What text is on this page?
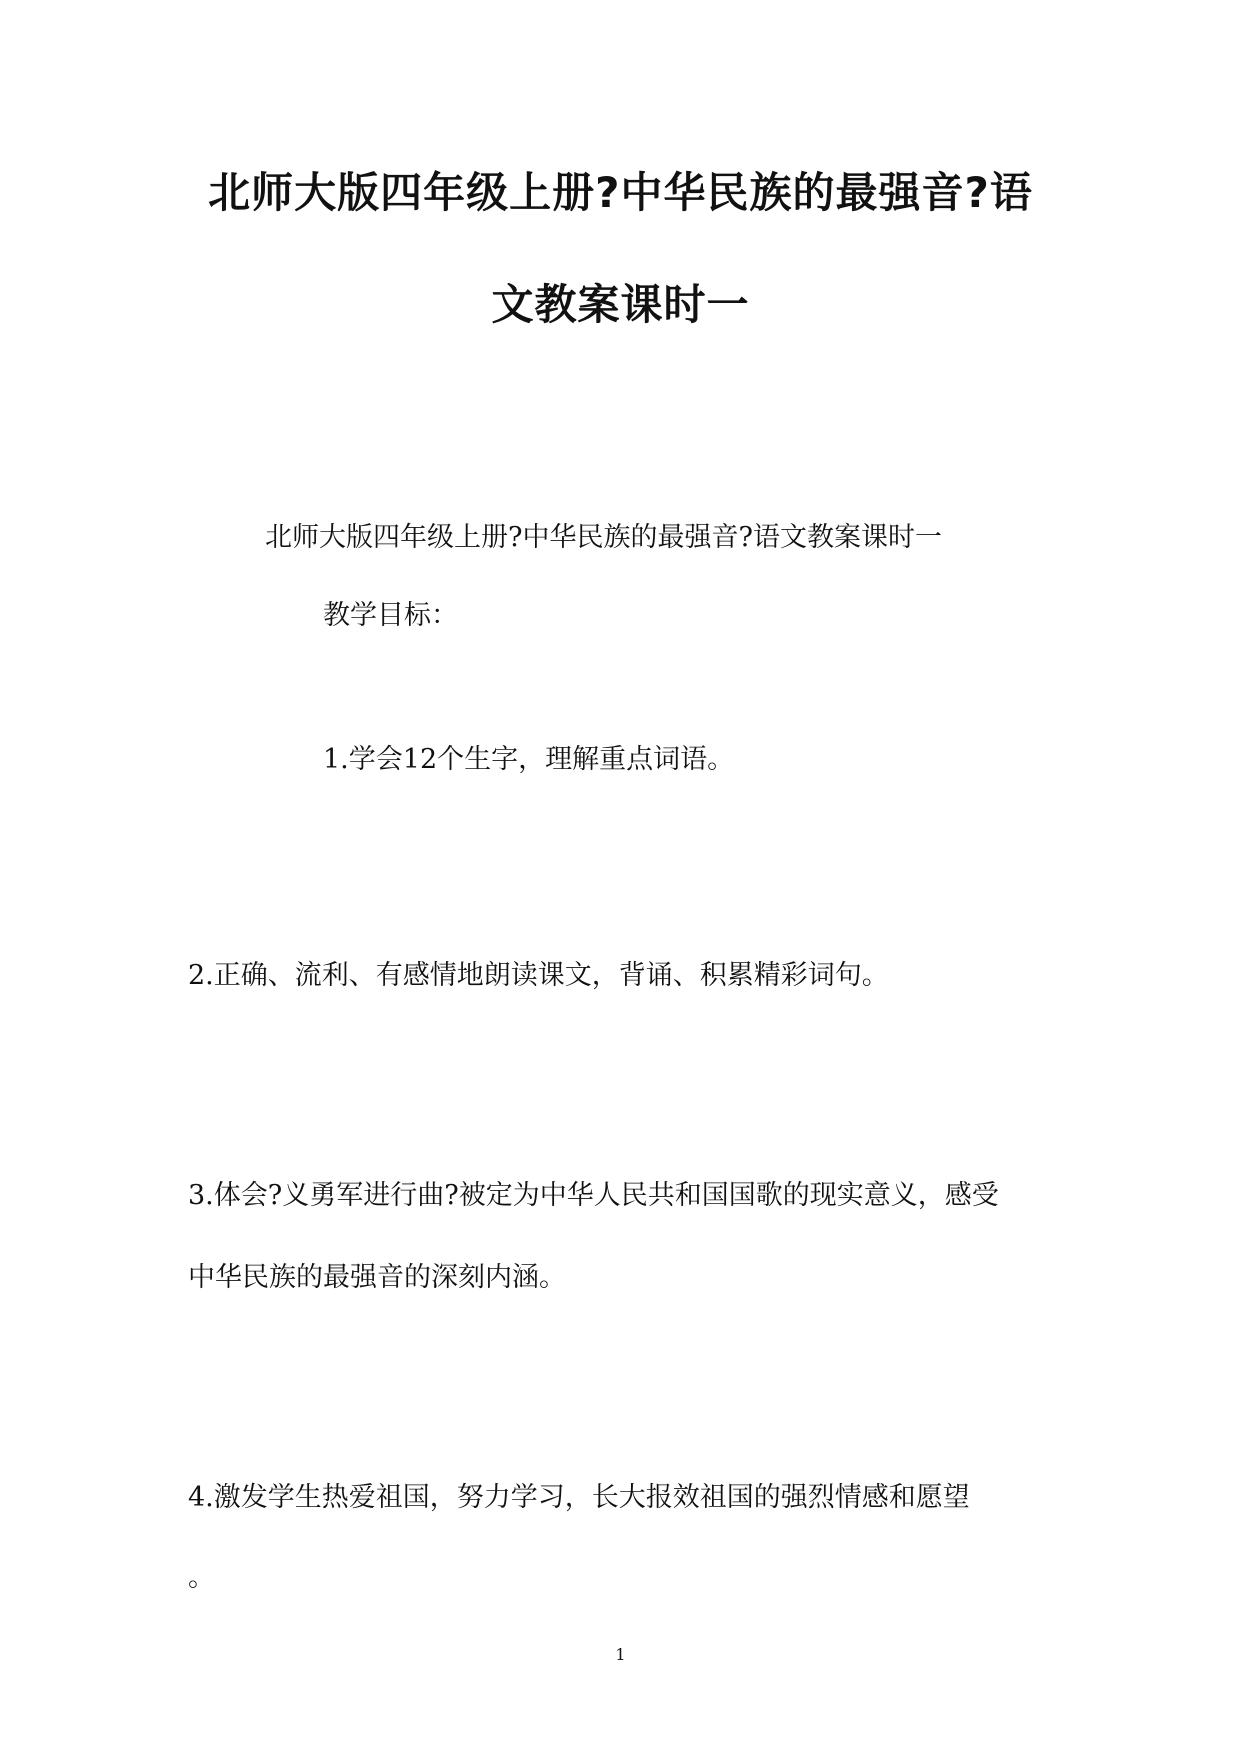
北师大版四年级上册?中华民族的最强音?语
文教案课时一
北师大版四年级上册?中华民族的最强音?语文教案课时一
教学目标：
1.学会12个生字，理解重点词语。
2.正确、流利、有感情地朗读课文，背诵、积累精彩词句。
3.体会?义勇军进行曲?被定为中华人民共和国国歌的现实意义，感受
中华民族的最强音的深刻内涵。
4.激发学生热爱祖国，努力学习，长大报效祖国的强烈情感和愿望
。
1
